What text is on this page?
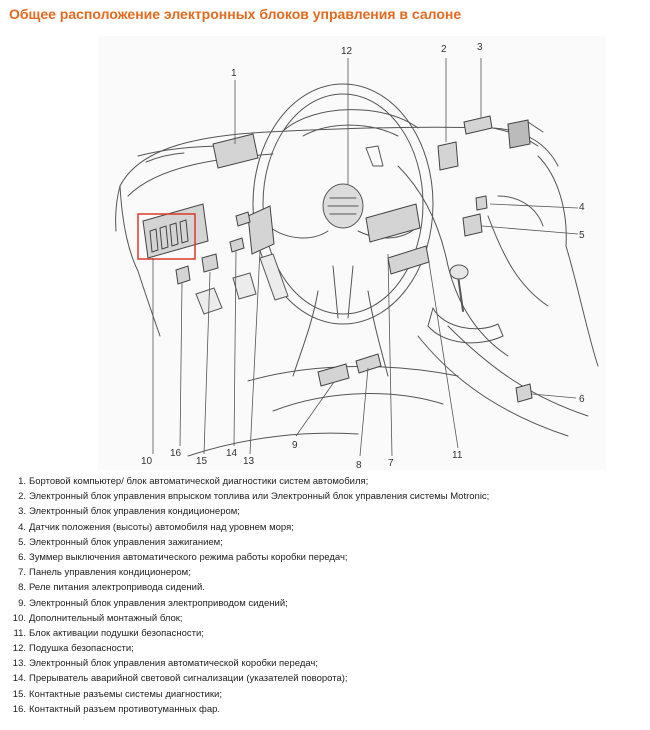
Общее расположение электронных блоков управления в салоне
1
2	3
4
5
6
7
8
9
10
11
12
13
14
15
16
1. Бортовой компьютер/ блок автоматической диагностики систем автомобиля;
2. Электронный блок управления впрыском топлива или Электронный блок управления системы Motronic;
3. Электронный блок управления кондиционером;
4. Датчик положения (высоты) автомобиля над уровнем моря;
5. Электронный блок управления зажиганием;
6. Зуммер выключения автоматического режима работы коробки передач;
7. Панель управления кондиционером;
8. Реле питания электропривода сидений.
9. Электронный блок управления электроприводом сидений;
10. Дополнительный монтажный блок;
11. Блок активации подушки безопасности;
12. Подушка безопасности;
13. Электронный блок управления автоматической коробки передач;
14. Прерыватель аварийной световой сигнализации (указателей поворота);
15. Контактные разъемы системы диагностики;
16. Контактный разъем противотуманных фар.
